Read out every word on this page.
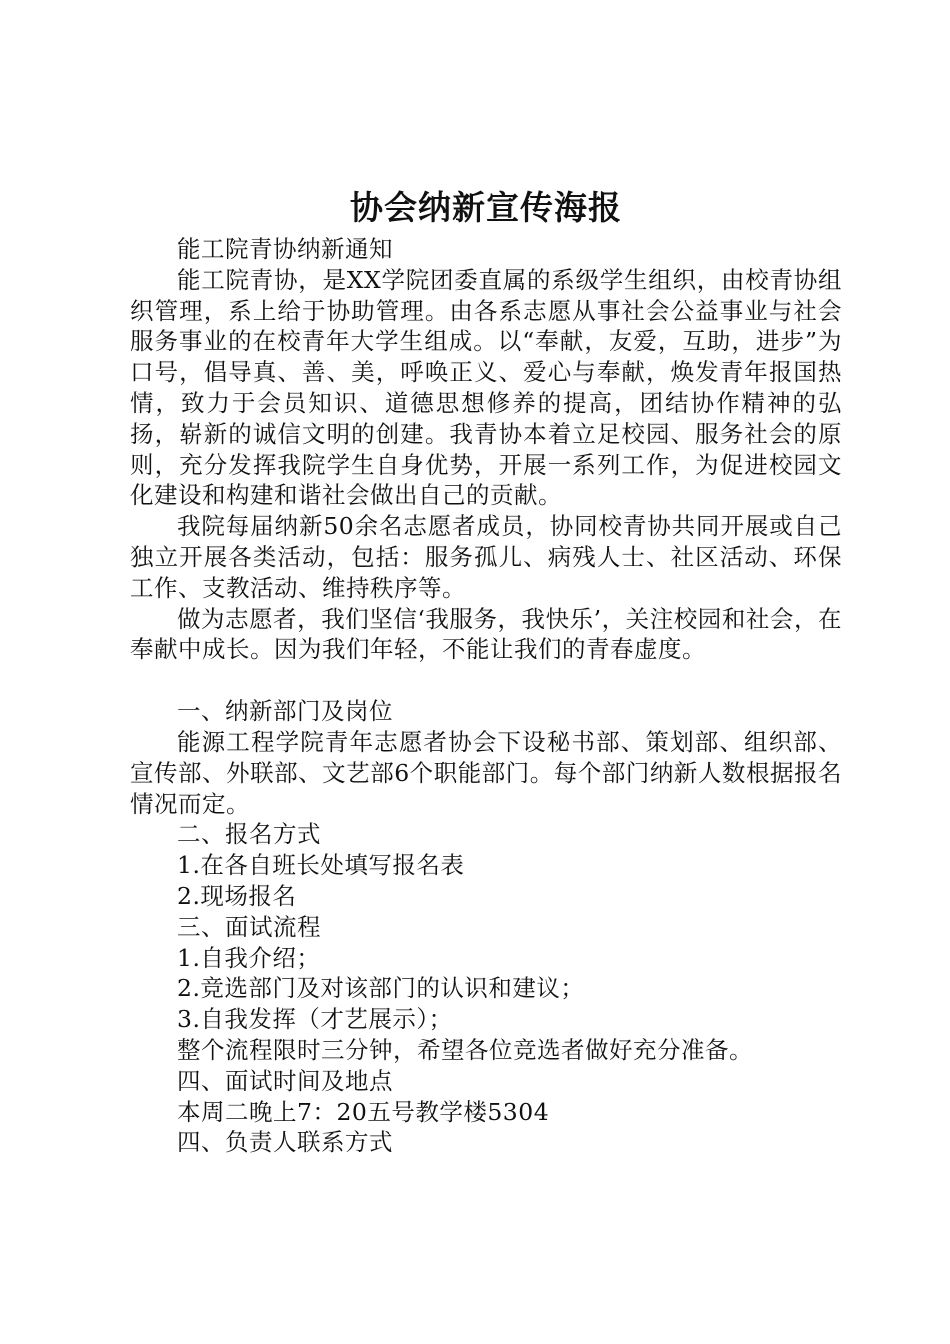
协会纳新宣传海报

能工院青协纳新通知

能工院青协，是XX学院团委直属的系级学生组织，由校青协组织管理，系上给于协助管理。由各系志愿从事社会公益事业与社会服务事业的在校青年大学生组成。以“奉献，友爱，互助，进步”为口号，倡导真、善、美，呼唤正义、爱心与奉献，焕发青年报国热情，致力于会员知识、道德思想修养的提高，团结协作精神的弘扬，崭新的诚信文明的创建。我青协本着立足校园、服务社会的原则，充分发挥我院学生自身优势，开展一系列工作，为促进校园文化建设和构建和谐社会做出自己的贡献。

我院每届纳新50余名志愿者成员，协同校青协共同开展或自己独立开展各类活动，包括：服务孤儿、病残人士、社区活动、环保工作、支教活动、维持秩序等。

做为志愿者，我们坚信‘我服务，我快乐’，关注校园和社会，在奉献中成长。因为我们年轻，不能让我们的青春虚度。

一、纳新部门及岗位

能源工程学院青年志愿者协会下设秘书部、策划部、组织部、宣传部、外联部、文艺部6个职能部门。每个部门纳新人数根据报名情况而定。

二、报名方式

1.在各自班长处填写报名表

2.现场报名

三、面试流程

1.自我介绍；

2.竞选部门及对该部门的认识和建议；

3.自我发挥（才艺展示）；

整个流程限时三分钟，希望各位竞选者做好充分准备。

四、面试时间及地点

本周二晚上7：20五号教学楼5304

四、负责人联系方式
